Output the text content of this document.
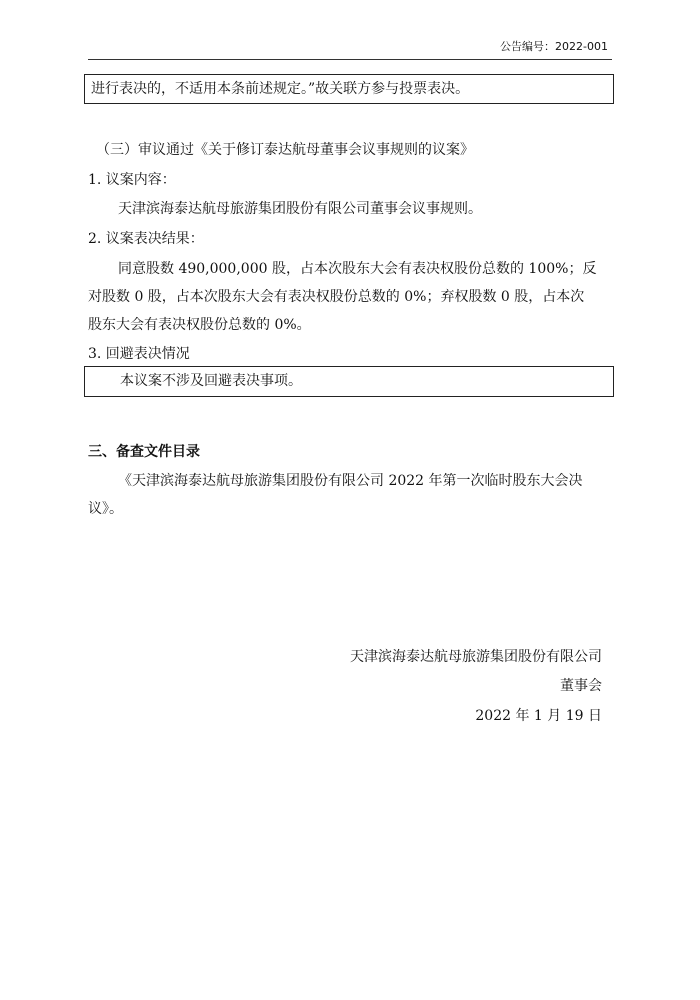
公告编号：2022-001
进行表决的，不适用本条前述规定。”故关联方参与投票表决。
（三）审议通过《关于修订泰达航母董事会议事规则的议案》
1. 议案内容：
天津滨海泰达航母旅游集团股份有限公司董事会议事规则。
2. 议案表决结果：
同意股数 490,000,000 股，占本次股东大会有表决权股份总数的 100%；反
对股数 0 股，占本次股东大会有表决权股份总数的 0%；弃权股数 0 股，占本次
股东大会有表决权股份总数的 0%。
3. 回避表决情况
本议案不涉及回避表决事项。
三、备查文件目录
《天津滨海泰达航母旅游集团股份有限公司 2022 年第一次临时股东大会决
议》。
天津滨海泰达航母旅游集团股份有限公司
董事会
2022 年 1 月 19 日
